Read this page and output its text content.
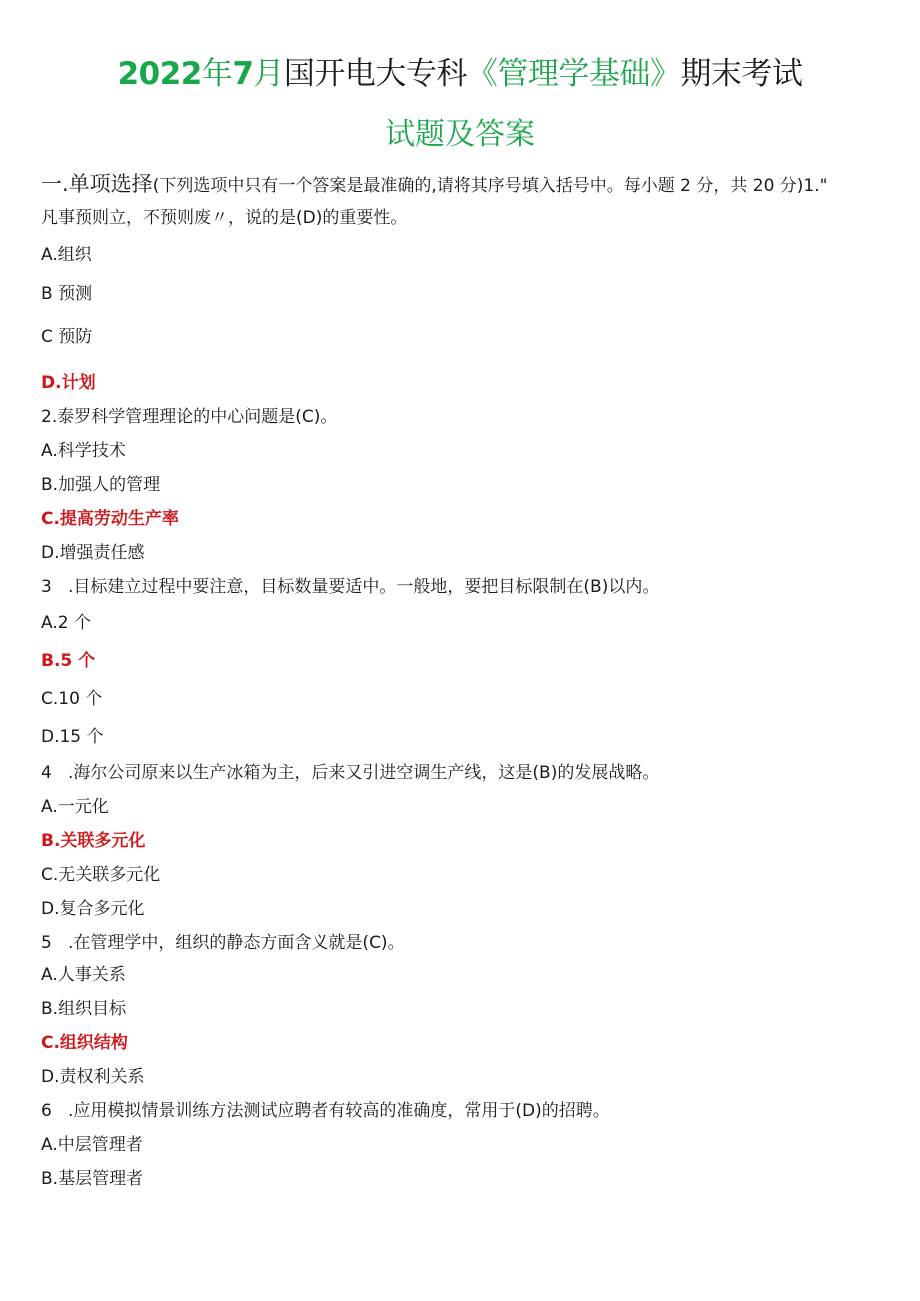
2022年7月国开电大专科《管理学基础》期末考试
试题及答案
一.单项选择(下列选项中只有一个答案是最准确的,请将其序号填入括号中。每小题 2 分，共 20 分)1."
凡事预则立，不预则废〃，说的是(D)的重要性。
A.组织
B 预测
C 预防
D.计划
2.泰罗科学管理理论的中心问题是(C)。
A.科学技术
B.加强人的管理
C.提高劳动生产率
D.增强责任感
3   .目标建立过程中要注意，目标数量要适中。一般地，要把目标限制在(B)以内。
A.2 个
B.5 个
C.10 个
D.15 个
4   .海尔公司原来以生产冰箱为主，后来又引进空调生产线，这是(B)的发展战略。
A.一元化
B.关联多元化
C.无关联多元化
D.复合多元化
5   .在管理学中，组织的静态方面含义就是(C)。
A.人事关系
B.组织目标
C.组织结构
D.责权利关系
6   .应用模拟情景训练方法测试应聘者有较高的准确度，常用于(D)的招聘。
A.中层管理者
B.基层管理者
